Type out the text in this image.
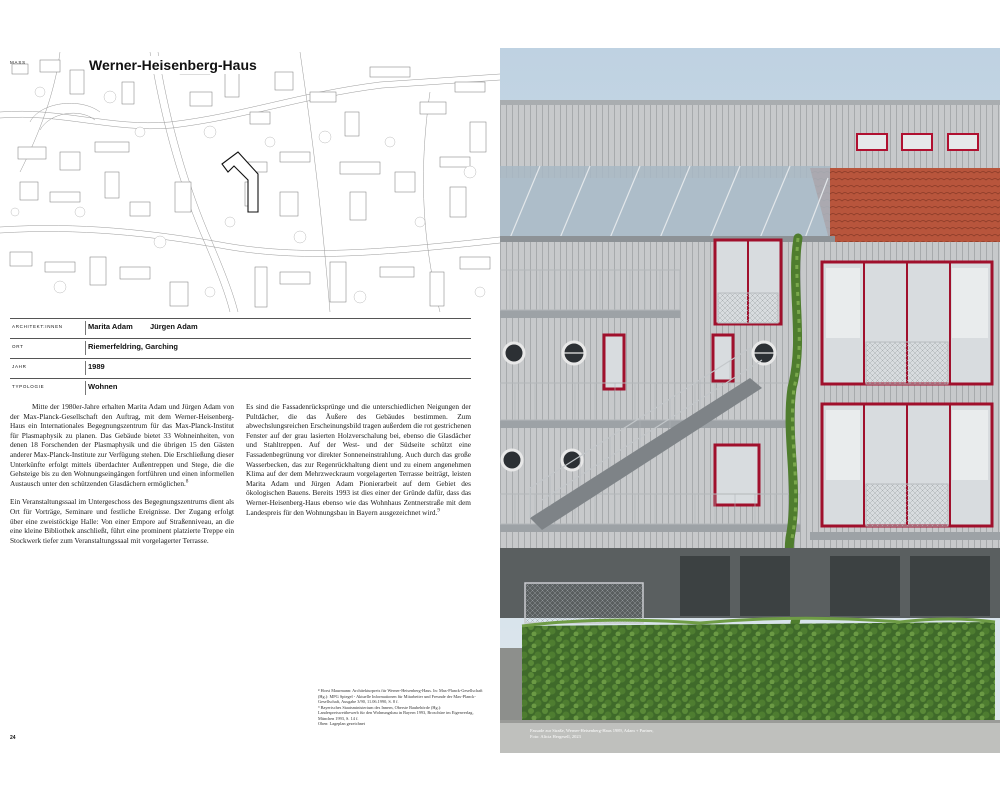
MASS	Werner-Heisenberg-Haus
ARCHITEKT:INNEN	Marita Adam Jürgen Adam
ORT	Riemerfeldring, Garching
JAHR	1989
TYPOLOGIE	Wohnen

Mitte der 1980er-Jahre erhalten Marita Adam und Jürgen Adam von der Max-Planck-Gesellschaft den Auftrag, mit dem Werner-Heisenberg-Haus ein Internationales Begegnungszentrum für das Max-Planck-Institut für Plasmaphysik zu planen. Das Gebäude bietet 33 Wohneinheiten, von denen 18 Forschenden der Plasmaphysik und die übrigen 15 den Gästen anderer Max-Planck-Institute zur Verfügung stehen. Die Erschließung dieser Unterkünfte erfolgt mittels überdachter Außentreppen und Stege, die die Gehsteige bis zu den Wohnungseingängen fortführen und einen informellen Austausch unter den schützenden Glasdächern ermöglichen.$^8$

Ein Veranstaltungssaal im Untergeschoss des Begegnungszentrums dient als Ort für Vorträge, Seminare und festliche Ereignisse. Der Zugang erfolgt über eine zweistöckige Halle: Von einer Empore auf Straßenniveau, an die eine kleine Bibliothek anschließt, führt eine prominent platzierte Treppe ein Stockwerk tiefer zum Veranstaltungssaal mit vorgelagerter Terrasse.

Es sind die Fassadenrücksprünge und die unterschiedlichen Neigungen der Pultdächer, die das Äußere des Gebäudes bestimmen. Zum abwechslungsreichen Erscheinungsbild tragen außerdem die rot gestrichenen Fenster auf der grau lasierten Holzverschalung bei, ebenso die Glasdächer und Stahltreppen. Auf der West- und der Südseite schützt eine Fassadenbegrünung vor direkter Sonneneinstrahlung. Auch durch das große Wasserbecken, das zur Regenrückhaltung dient und zu einem angenehmen Klima auf der dem Mehrzweckraum vorgelagerten Terrasse beiträgt, leisten Marita Adam und Jürgen Adam Pionierarbeit auf dem Gebiet des ökologischen Bauens. Bereits 1993 ist dies einer der Gründe dafür, dass das Werner-Heisenberg-Haus ebenso wie das Wohnhaus Zentnerstraße mit dem Landespreis für den Wohnungsbau in Bayern ausgezeichnet wird.$^9$

⁸ Horst Maurmann: Architekturpreis für Werner-Heisenberg-Haus. In: Max-Planck-Gesellschaft (Hg.): MPG Spiegel - Aktuelle Informationen für Mitarbeiter und Freunde der Max-Planck-Gesellschaft, Ausgabe 3/90, 11.06.1990, S. 8 f.

⁹ Bayerisches Staatsministerium des Innern, Oberste Baubehörde (Hg.): Landespreiswettbewerb für den Wohnungsbau in Bayern 1993, Broschüre im Eigenverlag, München 1993, S. 14 f.

Oben: Lageplan gezeichnet

24
Fassade zur Straße, Werner-Heisenberg-Haus 1989, Adam + Partner,
Foto: Alicia Hergesell, 2023
